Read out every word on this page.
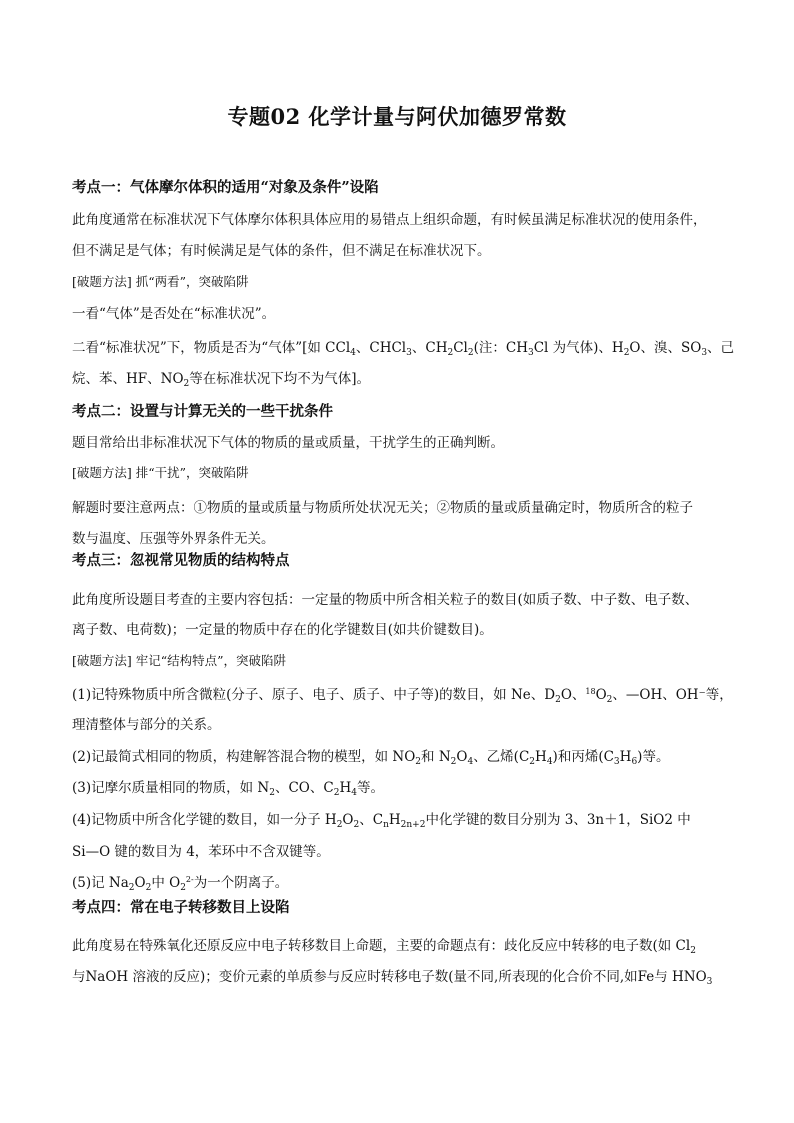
专题02 化学计量与阿伏加德罗常数
考点一：气体摩尔体积的适用“对象及条件”设陷
此角度通常在标准状况下气体摩尔体积具体应用的易错点上组织命题，有时候虽满足标准状况的使用条件，
但不满足是气体；有时候满足是气体的条件，但不满足在标准状况下。
[破题方法] 抓“两看”，突破陷阱
一看“气体”是否处在“标准状况”。
二看“标准状况”下，物质是否为“气体”[如 CCl$_4$、CHCl$_3$、$CH_2Cl_2$(注：$CH_3Cl$ 为气体)、$H_2O$、溴、$SO_3$、己
烷、苯、HF、$NO_2$等在标准状况下均不为气体]。
考点二：设置与计算无关的一些干扰条件
题目常给出非标准状况下气体的物质的量或质量，干扰学生的正确判断。
[破题方法] 排“干扰”，突破陷阱
解题时要注意两点：①物质的量或质量与物质所处状况无关；②物质的量或质量确定时，物质所含的粒子
数与温度、压强等外界条件无关。
考点三：忽视常见物质的结构特点
此角度所设题目考查的主要内容包括：一定量的物质中所含相关粒子的数目(如质子数、中子数、电子数、
离子数、电荷数)；一定量的物质中存在的化学键数目(如共价键数目)。
[破题方法] 牢记“结构特点”，突破陷阱
(1)记特殊物质中所含微粒(分子、原子、电子、质子、中子等)的数目，如 Ne、$D_2O$、$^{18}O_2$、—OH、OH⁻等，
理清整体与部分的关系。
(2)记最简式相同的物质，构建解答混合物的模型，如 $NO_2$和 $N_2O_4$、乙烯$(C_2H_4)$和丙烯$(C_3H_6)$等。
(3)记摩尔质量相同的物质，如 $N_2$、CO、$C_2H_4$等。
(4)记物质中所含化学键的数目，如一分子 $H_2O_2$、$C_nH_{2n+2}$中化学键的数目分别为 3、3n＋1，SiO2 中
Si—O 键的数目为 4，苯环中不含双键等。
(5)记 $Na_2O_2$中 $O_2^{2-}$为一个阴离子。
考点四：常在电子转移数目上设陷
此角度易在特殊氧化还原反应中电子转移数目上命题，主要的命题点有：歧化反应中转移的电子数(如 $Cl_2$
与NaOH 溶液的反应)；变价元素的单质参与反应时转移电子数(量不同,所表现的化合价不同,如Fe与 $HNO_3$
